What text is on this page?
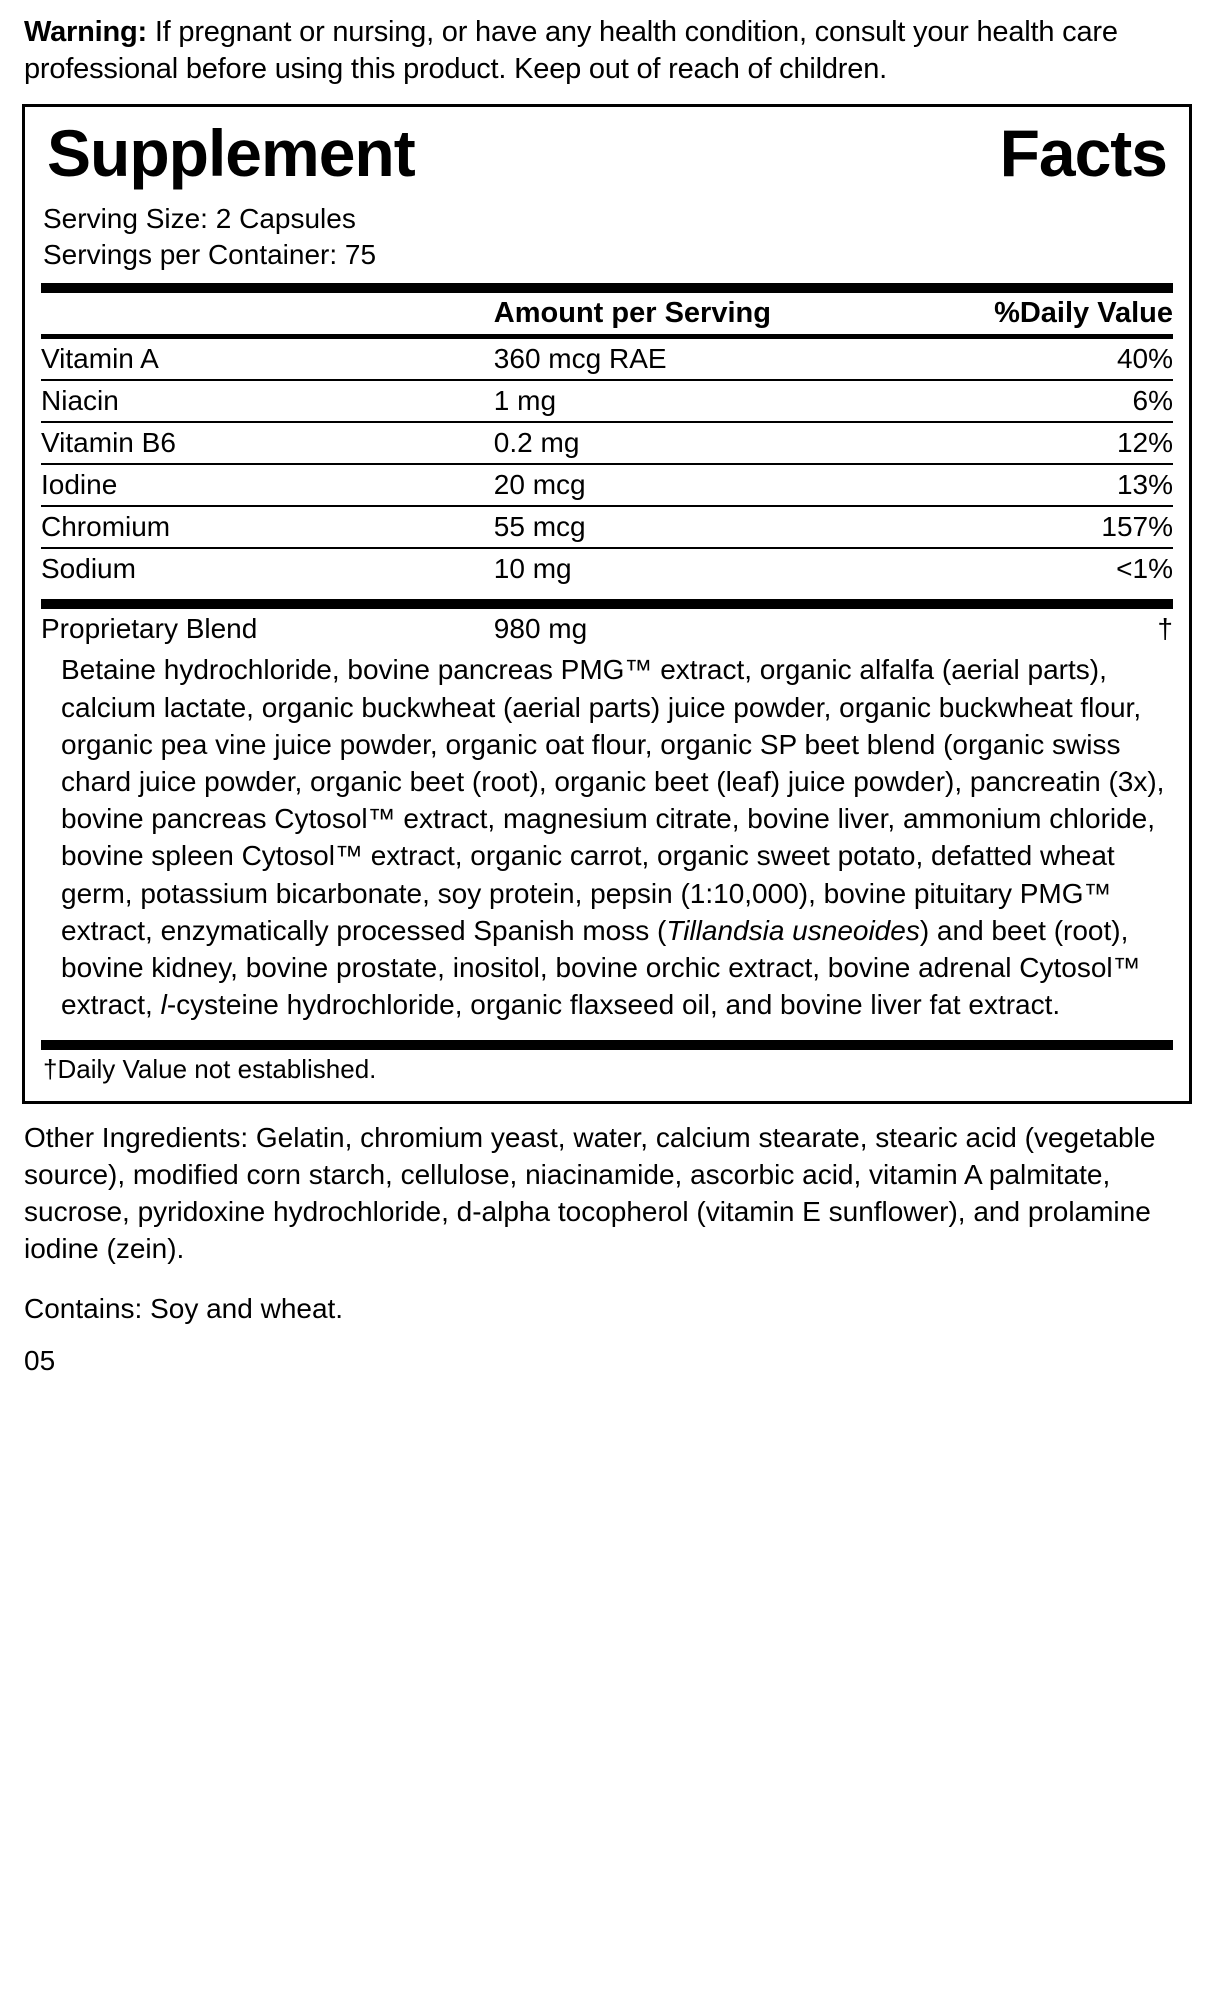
Warning: If pregnant or nursing, or have any health condition, consult your health care professional before using this product. Keep out of reach of children.

Supplement	Facts
Serving Size: 2 Capsules
Servings per Container: 75
	Amount per Serving	%Daily Value
Vitamin A	360 mcg RAE	40%
Niacin	1 mg	6%
Vitamin B6	0.2 mg	12%
Iodine	20 mcg	13%
Chromium	55 mcg	157%
Sodium	10 mg	<1%
Proprietary Blend	980 mg	†
Betaine hydrochloride, bovine pancreas PMG™ extract, organic alfalfa (aerial parts), calcium lactate, organic buckwheat (aerial parts) juice powder, organic buckwheat flour, organic pea vine juice powder, organic oat flour, organic SP beet blend (organic swiss chard juice powder, organic beet (root), organic beet (leaf) juice powder), pancreatin (3x), bovine pancreas Cytosol™ extract, magnesium citrate, bovine liver, ammonium chloride, bovine spleen Cytosol™ extract, organic carrot, organic sweet potato, defatted wheat germ, potassium bicarbonate, soy protein, pepsin (1:10,000), bovine pituitary PMG™ extract, enzymatically processed Spanish moss (Tillandsia usneoides) and beet (root), bovine kidney, bovine prostate, inositol, bovine orchic extract, bovine adrenal Cytosol™ extract, l-cysteine hydrochloride, organic flaxseed oil, and bovine liver fat extract.
†Daily Value not established.

Other Ingredients: Gelatin, chromium yeast, water, calcium stearate, stearic acid (vegetable source), modified corn starch, cellulose, niacinamide, ascorbic acid, vitamin A palmitate, sucrose, pyridoxine hydrochloride, d-alpha tocopherol (vitamin E sunflower), and prolamine iodine (zein).

Contains: Soy and wheat.

05
